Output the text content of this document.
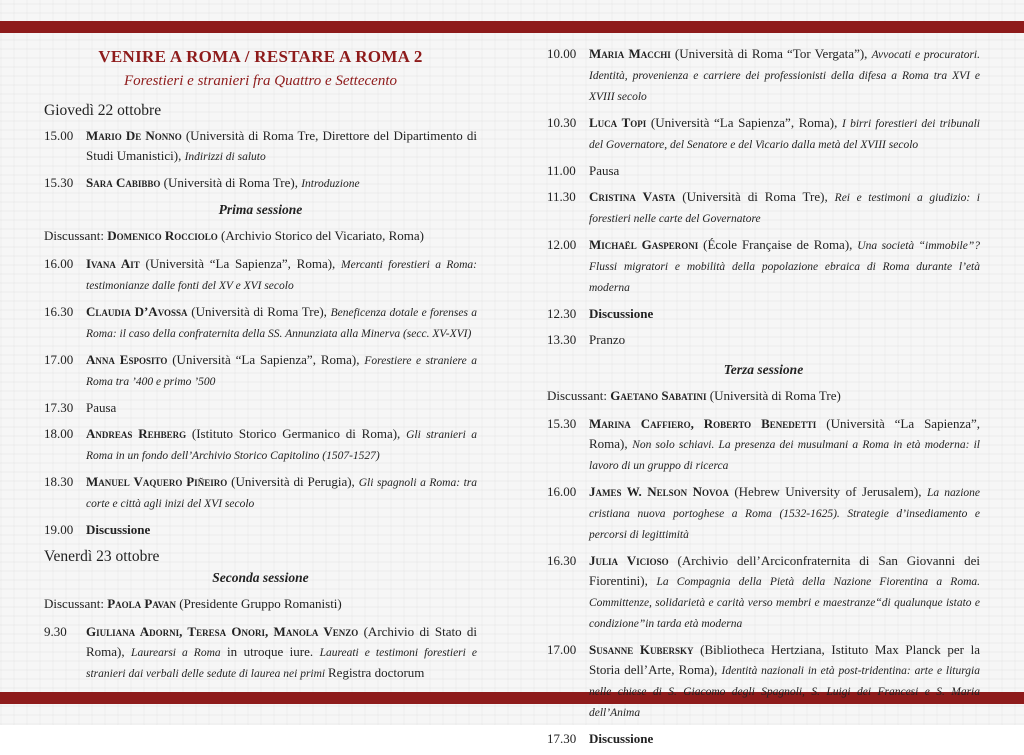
VENIRE A ROMA / RESTARE A ROMA 2
Forestieri e stranieri fra Quattro e Settecento
Giovedì 22 ottobre
15.00 Mario De Nonno (Università di Roma Tre, Direttore del Dipartimento di Studi Umanistici), Indirizzi di saluto
15.30 Sara Cabibbo (Università di Roma Tre), Introduzione
Prima sessione
Discussant: Domenico Rocciolo (Archivio Storico del Vicariato, Roma)
16.00 Ivana Ait (Università “La Sapienza”, Roma), Mercanti forestieri a Roma: testimonianze dalle fonti del XV e XVI secolo
16.30 Claudia D’Avossa (Università di Roma Tre), Beneficenza dotale e forenses a Roma: il caso della confraternita della SS. Annunziata alla Minerva (secc. XV-XVI)
17.00 Anna Esposito (Università “La Sapienza”, Roma), Forestiere e straniere a Roma tra ’400 e primo ’500
17.30 Pausa
18.00 Andreas Rehberg (Istituto Storico Germanico di Roma), Gli stranieri a Roma in un fondo dell’Archivio Storico Capitolino (1507-1527)
18.30 Manuel Vaquero Piñeiro (Università di Perugia), Gli spagnoli a Roma: tra corte e città agli inizi del XVI secolo
19.00 Discussione
Venerdì 23 ottobre
Seconda sessione
Discussant: Paola Pavan (Presidente Gruppo Romanisti)
9.30	Giuliana Adorni, Teresa Onori, Manola Venzo (Archivio di Stato di Roma), Laurearsi a Roma in utroque iure. Laureati e testimoni forestieri e stranieri dai verbali delle sedute di laurea nei primi Registra doctorum
10.00 Maria Macchi (Università di Roma “Tor Vergata”), Avvocati e procuratori. Identità, provenienza e carriere dei professionisti della difesa a Roma tra XVI e XVIII secolo
10.30 Luca Topi (Università “La Sapienza”, Roma), I birri forestieri dei tribunali del Governatore, del Senatore e del Vicario dalla metà del XVIII secolo
11.00	Pausa
11.30	Cristina Vasta (Università di Roma Tre), Rei e testimoni a giudizio: i forestieri nelle carte del Governatore
12.00 Michaël Gasperoni (École Française de Roma), Una società “immobile”? Flussi migratori e mobilità della popolazione ebraica di Roma durante l’età moderna
12.30 Discussione
13.30 Pranzo
Terza sessione
Discussant: Gaetano Sabatini (Università di Roma Tre)
15.30 Marina Caffiero, Roberto Benedetti (Università “La Sapienza”, Roma), Non solo schiavi. La presenza dei musulmani a Roma in età moderna: il lavoro di un gruppo di ricerca
16.00 James W. Nelson Novoa (Hebrew University of Jerusalem), La nazione cristiana nuova portoghese a Roma (1532-1625). Strategie d’insediamento e percorsi di legittimità
16.30 Julia Vicioso (Archivio dell’Arciconfraternita di San Giovanni dei Fiorentini), La Compagnia della Pietà della Nazione Fiorentina a Roma. Committenze, solidarietà e carità verso membri e maestranze“di qualunque istato e condizione”in tarda età moderna
17.00 Susanne Kubersky (Bibliotheca Hertziana, Istituto Max Planck per la Storia dell’Arte, Roma), Identità nazionali in età post-tridentina: arte e liturgia nelle chiese di S. Giacomo degli Spagnoli, S. Luigi dei Francesi e S. Maria dell’Anima
17.30 Discussione
